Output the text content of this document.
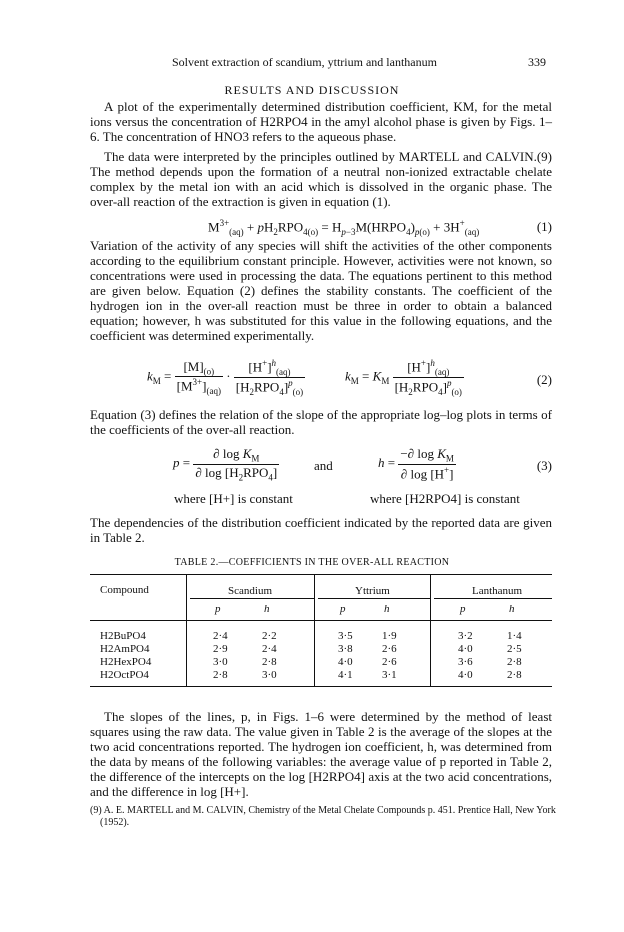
Solvent extraction of scandium, yttrium and lanthanum	339
RESULTS AND DISCUSSION
A plot of the experimentally determined distribution coefficient, KM, for the metal ions versus the concentration of H2RPO4 in the amyl alcohol phase is given by Figs. 1–6. The concentration of HNO3 refers to the aqueous phase.
The data were interpreted by the principles outlined by MARTELL and CALVIN.(9) The method depends upon the formation of a neutral non-ionized extractable chelate complex by the metal ion with an acid which is dissolved in the organic phase. The over-all reaction of the extraction is given in equation (1).
$M^{3+}_{(aq)} + pH_2RPO_{4(o)}$ = $H_{p-3}M(HRPO_4)_{p(o)} + 3H^+_{(aq)}$	(1)
Variation of the activity of any species will shift the activities of the other components according to the equilibrium constant principle. However, activities were not known, so concentrations were used in processing the data. The equations pertinent to this method are given below. Equation (2) defines the stability constants. The coefficient of the hydrogen ion in the over-all reaction must be three in order to obtain a balanced equation; however, h was substituted for this value in the following equations, and the coefficient was determined experimentally.
$k_M = \frac{[M]_{(o)}}{[M^{3+}]_{(aq)}} \cdot \frac{[H^+]^h_{(aq)}}{[H_2RPO_4]^p_{(o)}}$	$k_M = K_M \frac{[H^+]^h_{(aq)}}{[H_2RPO_4]^p_{(o)}}$	(2)
Equation (3) defines the relation of the slope of the appropriate log–log plots in terms of the coefficients of the over-all reaction.
$p = \frac{\partial \log K_M}{\partial \log [H_2RPO_4]}$	and	$h = \frac{-\partial \log K_M}{\partial \log [H^+]}$	(3)
where [H+] is constant	where [H2RPO4] is constant
The dependencies of the distribution coefficient indicated by the reported data are given in Table 2.
TABLE 2.—COEFFICIENTS IN THE OVER-ALL REACTION
Compound	Scandium	Yttrium	Lanthanum
p	h	p	h	p	h
H2BuPO4	2·4	2·2	3·5	1·9	3·2	1·4
H2AmPO4	2·9	2·4	3·8	2·6	4·0	2·5
H2HexPO4	3·0	2·8	4·0	2·6	3·6	2·8
H2OctPO4	2·8	3·0	4·1	3·1	4·0	2·8
The slopes of the lines, p, in Figs. 1–6 were determined by the method of least squares using the raw data. The value given in Table 2 is the average of the slopes at the two acid concentrations reported. The hydrogen ion coefficient, h, was determined from the data by means of the following variables: the average value of p reported in Table 2, the difference of the intercepts on the log [H2RPO4] axis at the two acid concentrations, and the difference in log [H+].
(9) A. E. MARTELL and M. CALVIN, Chemistry of the Metal Chelate Compounds p. 451. Prentice Hall, New York (1952).
